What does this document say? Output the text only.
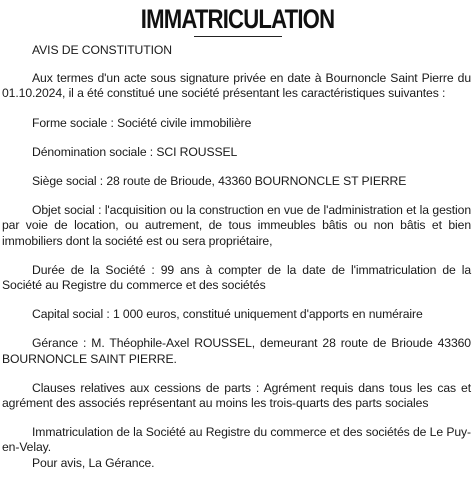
IMMATRICULATION

AVIS DE CONSTITUTION

Aux termes d'un acte sous signature privée en date à Bournoncle Saint Pierre du 01.10.2024, il a été constitué une société présentant les caractéristiques suivantes :

Forme sociale : Société civile immobilière

Dénomination sociale : SCI ROUSSEL

Siège social : 28 route de Brioude, 43360 BOURNONCLE ST PIERRE

Objet social : l'acquisition ou la construction en vue de l'administration et la gestion par voie de location, ou autrement, de tous immeubles bâtis ou non bâtis et bien immobiliers dont la société est ou sera propriétaire,

Durée de la Société : 99 ans à compter de la date de l'immatriculation de la Société au Registre du commerce et des sociétés

Capital social : 1 000 euros, constitué uniquement d'apports en numéraire

Gérance : M. Théophile-Axel ROUSSEL, demeurant 28 route de Brioude 43360 BOURNONCLE SAINT PIERRE.

Clauses relatives aux cessions de parts : Agrément requis dans tous les cas et agrément des associés représentant au moins les trois-quarts des parts sociales

Immatriculation de la Société au Registre du commerce et des sociétés de Le Puy-en-Velay.

Pour avis, La Gérance.
